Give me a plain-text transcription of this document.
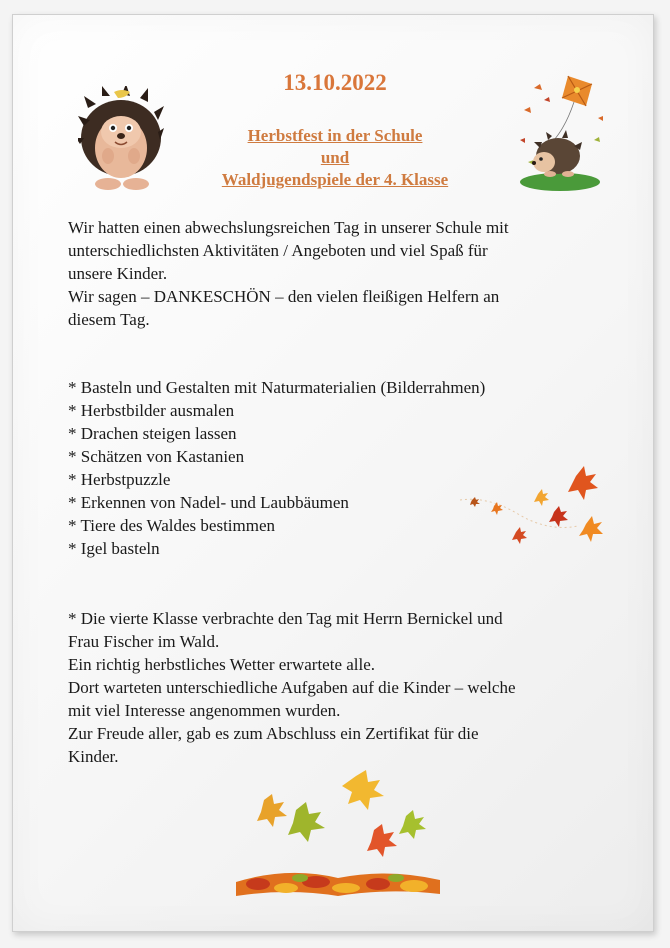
13.10.2022
Herbstfest in der Schule
und
Waldjugendspiele der 4. Klasse
Wir hatten einen abwechslungsreichen Tag in unserer Schule mit
unterschiedlichsten Aktivitäten / Angeboten und viel Spaß für
unsere Kinder.
Wir sagen – DANKESCHÖN – den vielen fleißigen Helfern an
diesem Tag.
* Basteln und Gestalten mit Naturmaterialien (Bilderrahmen)
* Herbstbilder ausmalen
* Drachen steigen lassen
* Schätzen von Kastanien
* Herbstpuzzle
* Erkennen von Nadel- und Laubbäumen
* Tiere des Waldes bestimmen
* Igel basteln
* Die vierte Klasse verbrachte den Tag mit Herrn Bernickel und
Frau Fischer im Wald.
Ein richtig herbstliches Wetter erwartete alle.
Dort warteten unterschiedliche Aufgaben auf die Kinder – welche
mit viel Interesse angenommen wurden.
Zur Freude aller, gab es zum Abschluss ein Zertifikat für die
Kinder.
